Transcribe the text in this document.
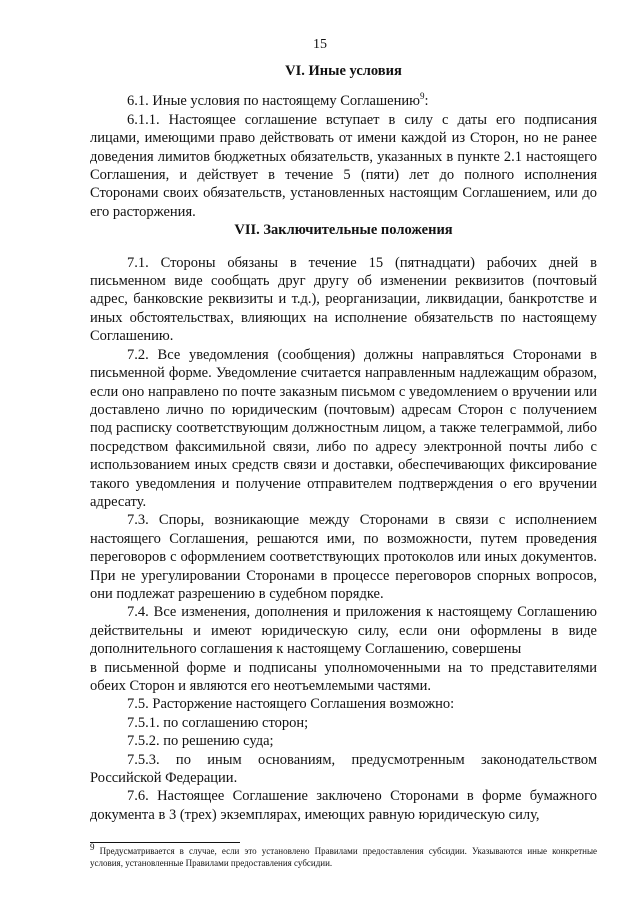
15

VI. Иные условия

6.1. Иные условия по настоящему Соглашению$^9$:

6.1.1. Настоящее соглашение вступает в силу с даты его подписания лицами, имеющими право действовать от имени каждой из Сторон, но не ранее доведения лимитов бюджетных обязательств, указанных в пункте 2.1 настоящего Соглашения, и действует в течение 5 (пяти) лет до полного исполнения Сторонами своих обязательств, установленных настоящим Соглашением, или до его расторжения.

VII. Заключительные положения

7.1. Стороны обязаны в течение 15 (пятнадцати) рабочих дней в письменном виде сообщать друг другу об изменении реквизитов (почтовый адрес, банковские реквизиты и т.д.), реорганизации, ликвидации, банкротстве и иных обстоятельствах, влияющих на исполнение обязательств по настоящему Соглашению.

7.2. Все уведомления (сообщения) должны направляться Сторонами в письменной форме. Уведомление считается направленным надлежащим образом, если оно направлено по почте заказным письмом с уведомлением о вручении или доставлено лично по юридическим (почтовым) адресам Сторон с получением под расписку соответствующим должностным лицом, а также телеграммой, либо посредством факсимильной связи, либо по адресу электронной почты либо с использованием иных средств связи и доставки, обеспечивающих фиксирование такого уведомления и получение отправителем подтверждения о его вручении адресату.

7.3. Споры, возникающие между Сторонами в связи с исполнением настоящего Соглашения, решаются ими, по возможности, путем проведения переговоров с оформлением соответствующих протоколов или иных документов. При не урегулировании Сторонами в процессе переговоров спорных вопросов, они подлежат разрешению в судебном порядке.

7.4. Все изменения, дополнения и приложения к настоящему Соглашению действительны и имеют юридическую силу, если они оформлены в виде дополнительного соглашения к настоящему Соглашению, совершены

в письменной форме и подписаны уполномоченными на то представителями обеих Сторон и являются его неотъемлемыми частями.

7.5. Расторжение настоящего Соглашения возможно:

7.5.1. по соглашению сторон;

7.5.2. по решению суда;

7.5.3. по иным основаниям, предусмотренным законодательством Российской Федерации.

7.6. Настоящее Соглашение заключено Сторонами в форме бумажного документа в 3 (трех) экземплярах, имеющих равную юридическую силу,

$^9$ Предусматривается в случае, если это установлено Правилами предоставления субсидии. Указываются иные конкретные условия, установленные Правилами предоставления субсидии.
